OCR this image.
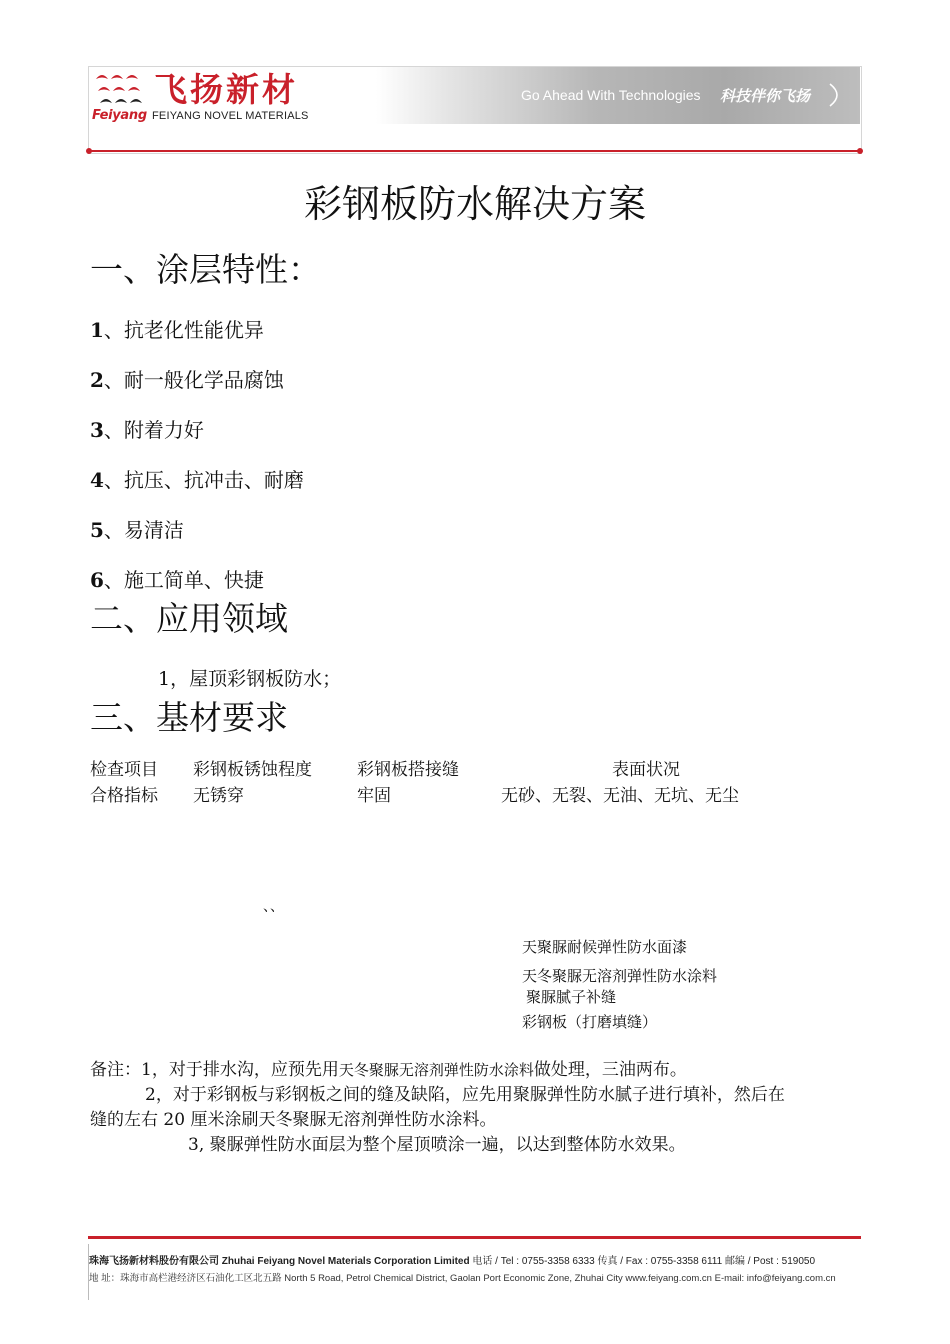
飞扬新材
Feiyang FEIYANG NOVEL MATERIALS
Go Ahead With Technologies 科技伴你飞扬
彩钢板防水解决方案
一、涂层特性：
1、抗老化性能优异
2、耐一般化学品腐蚀
3、附着力好
4、抗压、抗冲击、耐磨
5、易清洁
6、施工简单、快捷
二、应用领域
1，屋顶彩钢板防水；
三、基材要求
检查项目 彩钢板锈蚀程度	彩钢板搭接缝	表面状况
合格指标 无锈穿	牢固	无砂、无裂、无油、无坑、无尘
、、
天聚脲耐候弹性防水面漆
天冬聚脲无溶剂弹性防水涂料
聚脲腻子补缝
彩钢板（打磨填缝）
备注：1，对于排水沟，应预先用天冬聚脲无溶剂弹性防水涂料做处理，三油两布。
2，对于彩钢板与彩钢板之间的缝及缺陷，应先用聚脲弹性防水腻子进行填补，然后在
缝的左右 20 厘米涂刷天冬聚脲无溶剂弹性防水涂料。
3, 聚脲弹性防水面层为整个屋顶喷涂一遍，以达到整体防水效果。
珠海飞扬新材料股份有限公司 Zhuhai Feiyang Novel Materials Corporation Limited 电话 / Tel : 0755-3358 6333 传真 / Fax : 0755-3358 6111 邮编 / Post : 519050
地 址：珠海市高栏港经济区石油化工区北五路 North 5 Road, Petrol Chemical District, Gaolan Port Economic Zone, Zhuhai City www.feiyang.com.cn E-mail: info@feiyang.com.cn
